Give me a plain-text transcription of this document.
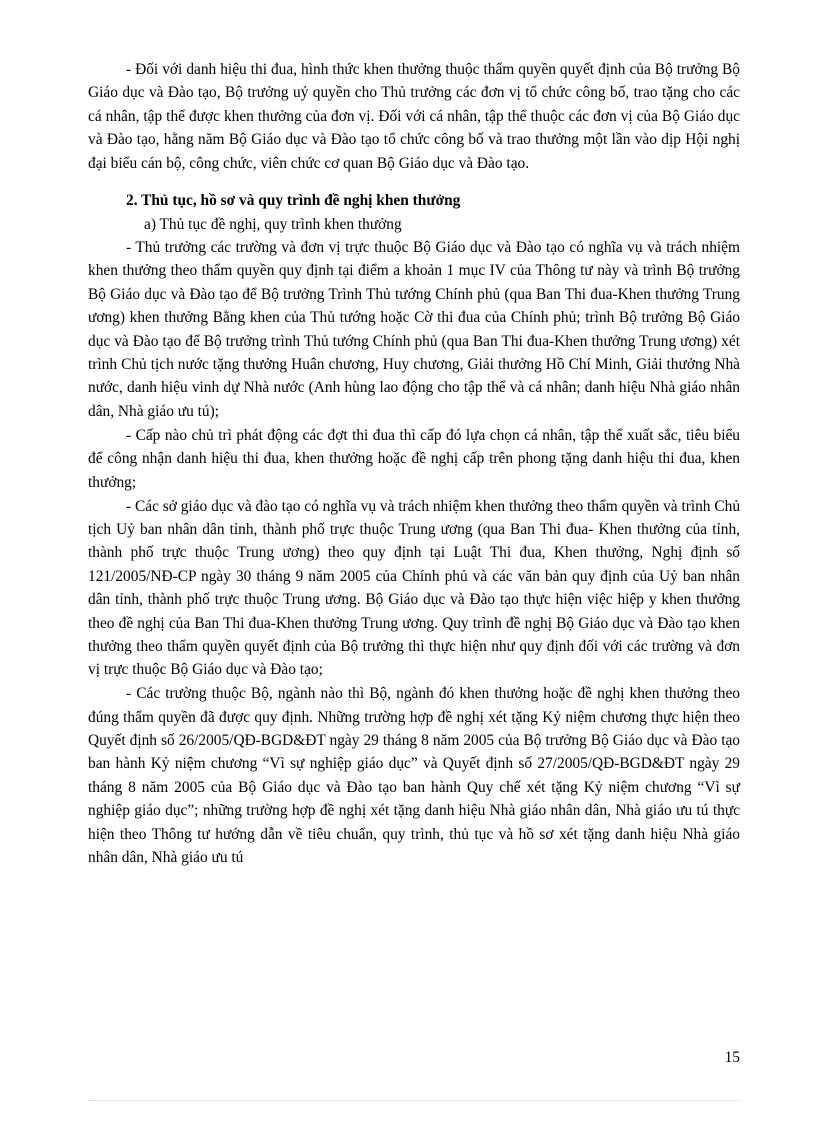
- Đối với danh hiệu thi đua, hình thức khen thưởng thuộc thẩm quyền quyết định của Bộ trưởng Bộ Giáo dục và Đào tạo, Bộ trưởng uỷ quyền cho Thủ trưởng các đơn vị tổ chức công bố, trao tặng cho các cá nhân, tập thể được khen thưởng của đơn vị. Đối với cá nhân, tập thể thuộc các đơn vị của Bộ Giáo dục và Đào tạo, hằng năm Bộ Giáo dục và Đào tạo tổ chức công bố và trao thưởng một lần vào dịp Hội nghị đại biểu cán bộ, công chức, viên chức cơ quan Bộ Giáo dục và Đào tạo.

2. Thủ tục, hồ sơ và quy trình đề nghị khen thưởng
a) Thủ tục đề nghị, quy trình khen thưởng

- Thủ trưởng các trường và đơn vị trực thuộc Bộ Giáo dục và Đào tạo có nghĩa vụ và trách nhiệm khen thưởng theo thẩm quyền quy định tại điểm a khoản 1 mục IV của Thông tư này và trình Bộ trưởng Bộ Giáo dục và Đào tạo để Bộ trưởng Trình Thủ tướng Chính phủ (qua Ban Thi đua-Khen thưởng Trung ương) khen thưởng Bằng khen của Thủ tướng hoặc Cờ thi đua của Chính phủ; trình Bộ trưởng Bộ Giáo dục và Đào tạo để Bộ trưởng trình Thủ tướng Chính phủ (qua Ban Thi đua-Khen thưởng Trung ương) xét trình Chủ tịch nước tặng thưởng Huân chương, Huy chương, Giải thưởng Hồ Chí Minh, Giải thưởng Nhà nước, danh hiệu vinh dự Nhà nước (Anh hùng lao động cho tập thể và cá nhân; danh hiệu Nhà giáo nhân dân, Nhà giáo ưu tú);

- Cấp nào chủ trì phát động các đợt thi đua thì cấp đó lựa chọn cá nhân, tập thể xuất sắc, tiêu biểu để công nhận danh hiệu thi đua, khen thưởng hoặc đề nghị cấp trên phong tặng danh hiệu thi đua, khen thưởng;

- Các sở giáo dục và đào tạo có nghĩa vụ và trách nhiệm khen thưởng theo thẩm quyền và trình Chủ tịch Uỷ ban nhân dân tỉnh, thành phố trực thuộc Trung ương (qua Ban Thi đua- Khen thưởng của tỉnh, thành phố trực thuộc Trung ương) theo quy định tại Luật Thi đua, Khen thưởng, Nghị định số 121/2005/NĐ-CP ngày 30 tháng 9 năm 2005 của Chính phủ và các văn bản quy định của Uỷ ban nhân dân tỉnh, thành phố trực thuộc Trung ương. Bộ Giáo dục và Đào tạo thực hiện việc hiệp y khen thưởng theo đề nghị của Ban Thi đua-Khen thưởng Trung ương. Quy trình đề nghị Bộ Giáo dục và Đào tạo khen thưởng theo thẩm quyền quyết định của Bộ trưởng thì thực hiện như quy định đối với các trường và đơn vị trực thuộc Bộ Giáo dục và Đào tạo;

- Các trường thuộc Bộ, ngành nào thì Bộ, ngành đó khen thưởng hoặc đề nghị khen thưởng theo đúng thẩm quyền đã được quy định. Những trường hợp đề nghị xét tặng Kỷ niệm chương thực hiện theo Quyết định số 26/2005/QĐ-BGD&ĐT ngày 29 tháng 8 năm 2005 của Bộ trưởng Bộ Giáo dục và Đào tạo ban hành Kỷ niệm chương “Vì sự nghiệp giáo dục” và Quyết định số 27/2005/QĐ-BGD&ĐT ngày 29 tháng 8 năm 2005 của Bộ Giáo dục và Đào tạo ban hành Quy chế xét tặng Kỷ niệm chương “Vì sự nghiệp giáo dục”; những trường hợp đề nghị xét tặng danh hiệu Nhà giáo nhân dân, Nhà giáo ưu tú thực hiện theo Thông tư hướng dẫn về tiêu chuẩn, quy trình, thủ tục và hồ sơ xét tặng danh hiệu Nhà giáo nhân dân, Nhà giáo ưu tú

15
